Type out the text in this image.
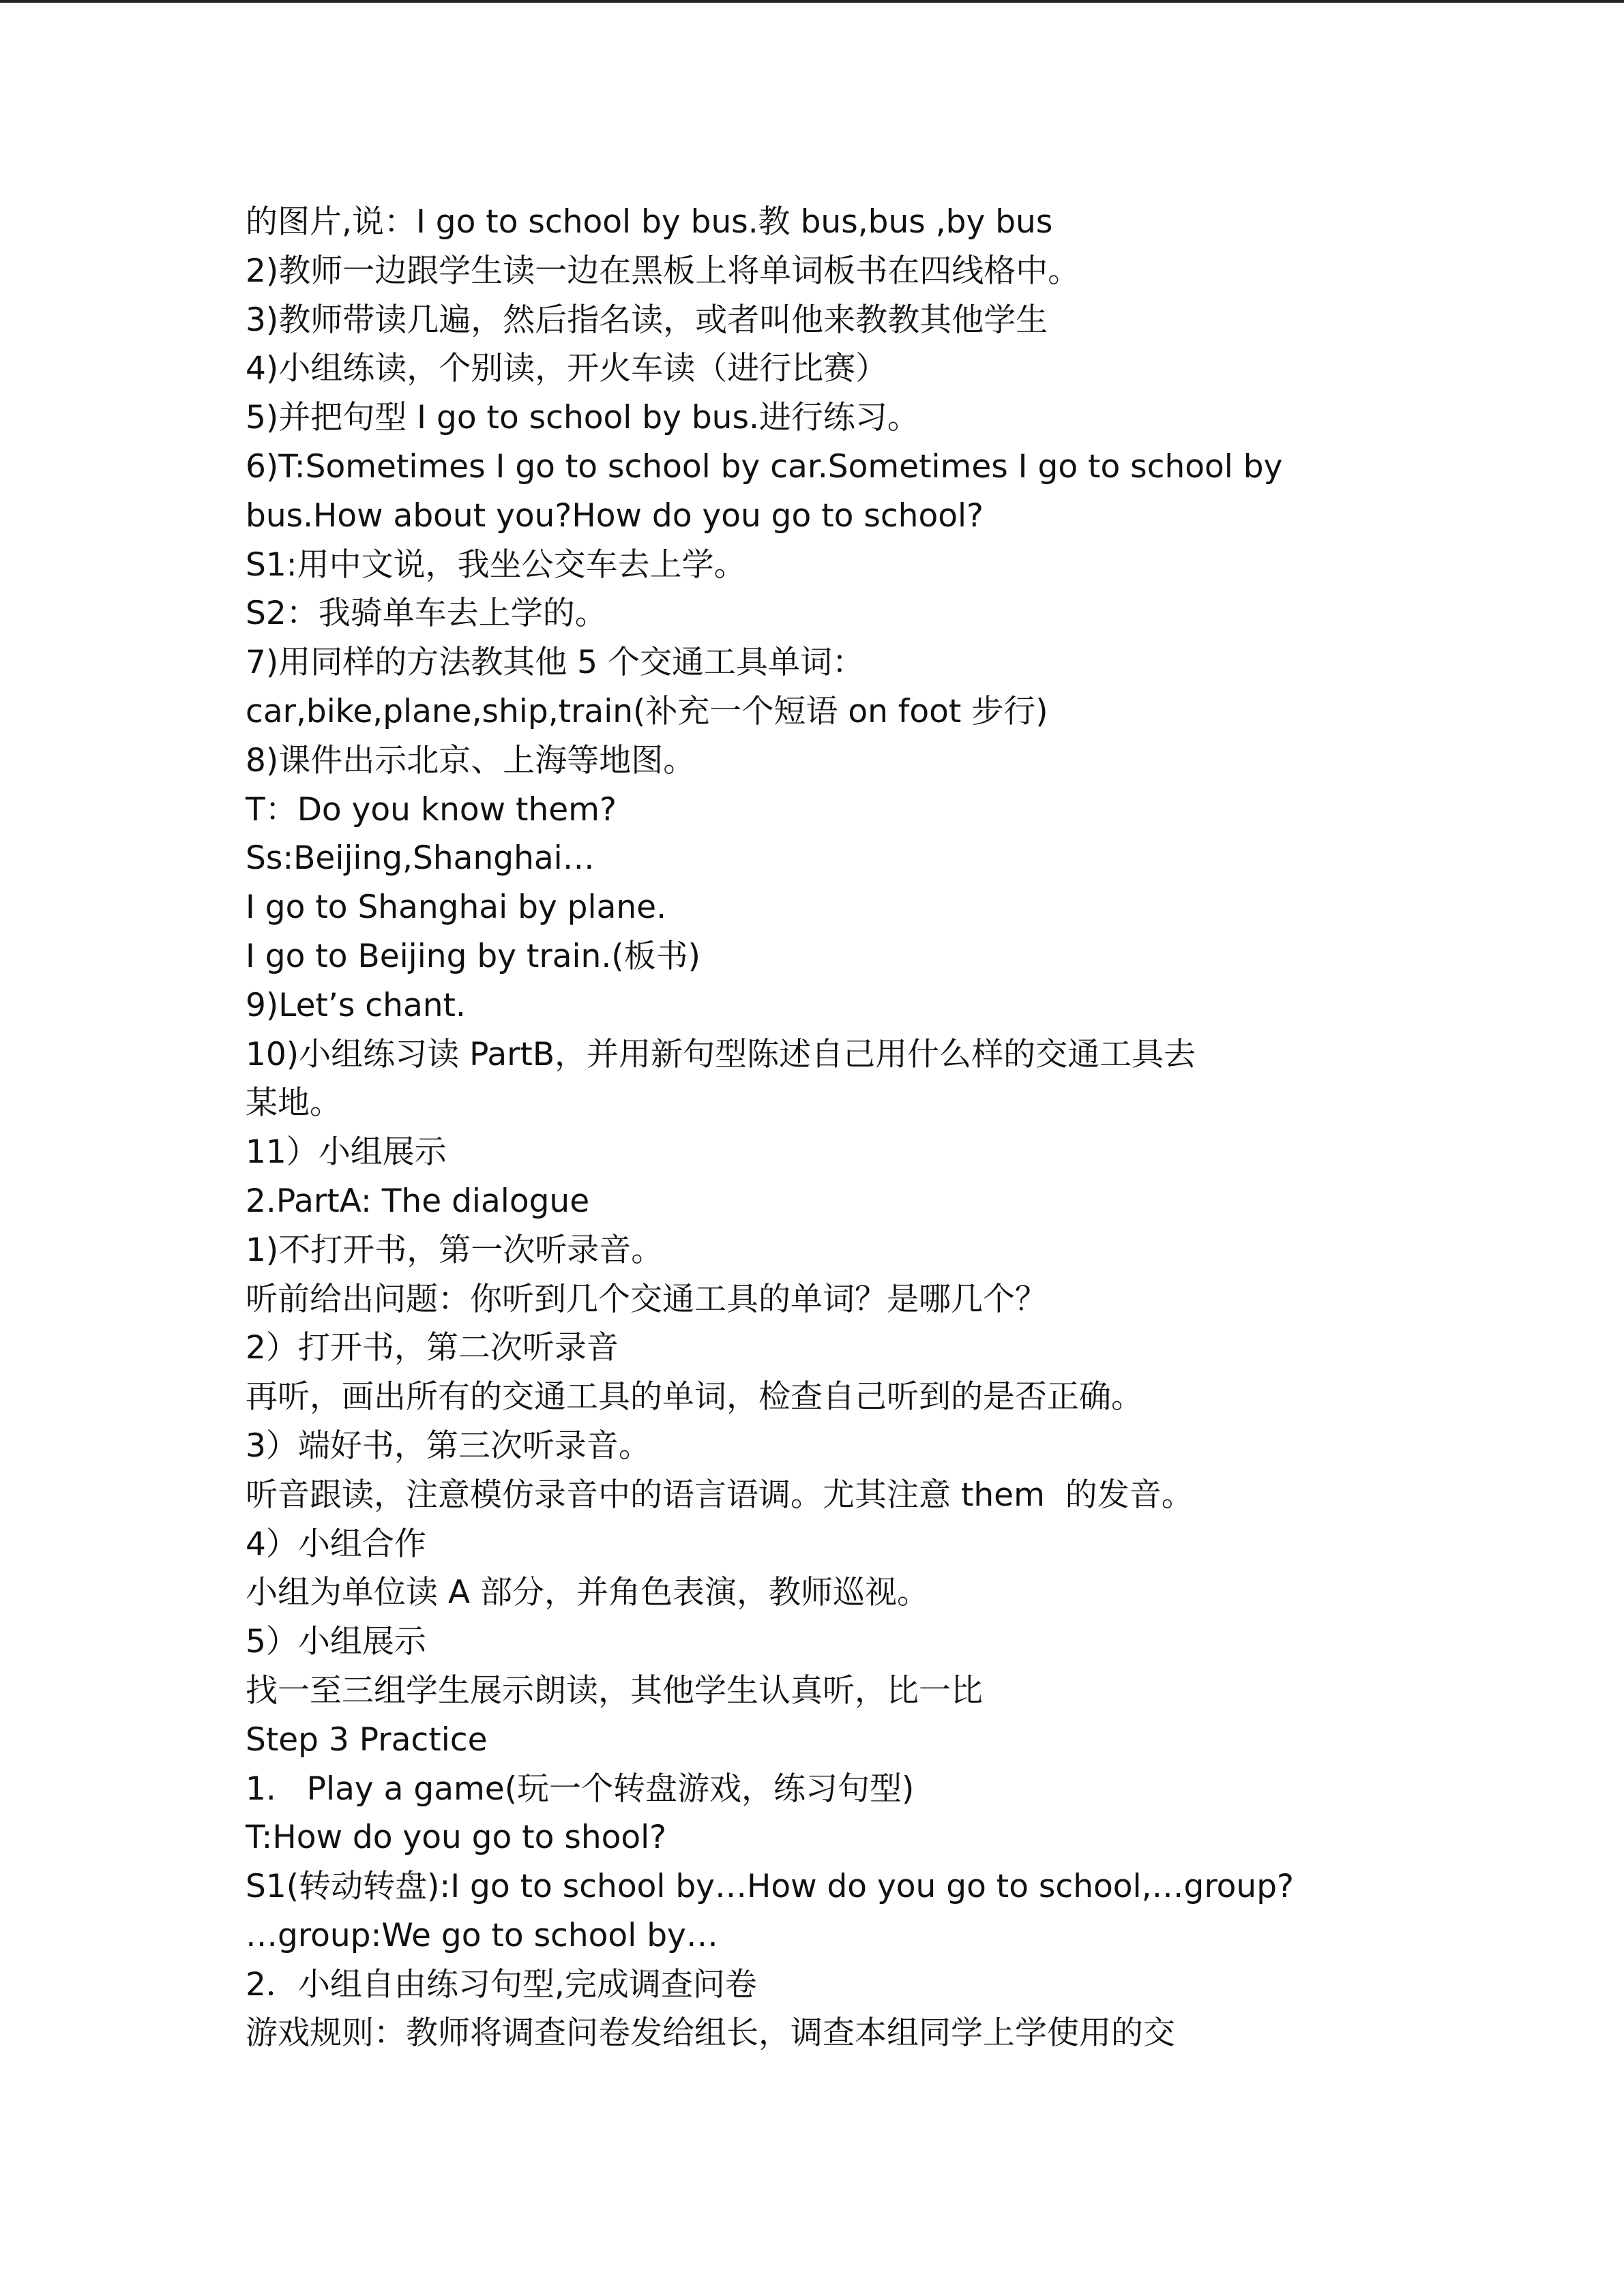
的图片,说：I go to school by bus.教 bus,bus ,by bus
2)教师一边跟学生读一边在黑板上将单词板书在四线格中。
3)教师带读几遍，然后指名读，或者叫他来教教其他学生
4)小组练读，个别读，开火车读（进行比赛）
5)并把句型 I go to school by bus.进行练习。
6)T:Sometimes I go to school by car.Sometimes I go to school by
bus.How about you?How do you go to school?
S1:用中文说，我坐公交车去上学。
S2：我骑单车去上学的。
7)用同样的方法教其他 5 个交通工具单词：
car,bike,plane,ship,train(补充一个短语 on foot 步行)
8)课件出示北京、上海等地图。
T：Do you know them?
Ss:Beijing,Shanghai…
I go to Shanghai by plane.
I go to Beijing by train.(板书)
9)Let’s chant.
10)小组练习读 PartB，并用新句型陈述自己用什么样的交通工具去
某地。
11）小组展示
2.PartA: The dialogue
1)不打开书，第一次听录音。
听前给出问题：你听到几个交通工具的单词？是哪几个？
2）打开书，第二次听录音
再听，画出所有的交通工具的单词，检查自己听到的是否正确。
3）端好书，第三次听录音。
听音跟读，注意模仿录音中的语言语调。尤其注意 them  的发音。
4）小组合作
小组为单位读 A 部分，并角色表演，教师巡视。
5）小组展示
找一至三组学生展示朗读，其他学生认真听，比一比
Step 3 Practice
1.   Play a game(玩一个转盘游戏，练习句型)
T:How do you go to shool?
S1(转动转盘):I go to school by…How do you go to school,…group?
…group:We go to school by…
2．小组自由练习句型,完成调查问卷
游戏规则：教师将调查问卷发给组长，调查本组同学上学使用的交
